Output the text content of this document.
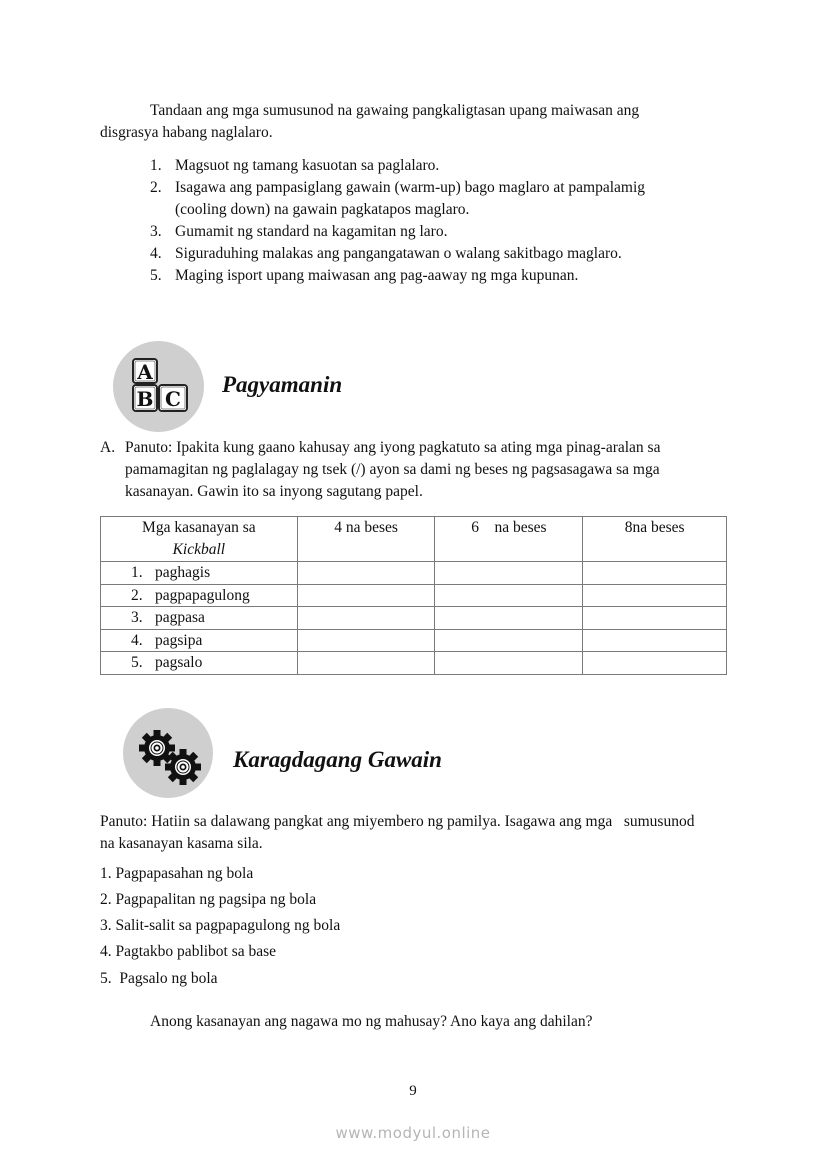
Tandaan ang mga sumusunod na gawaing pangkaligtasan upang maiwasan ang
disgrasya habang naglalaro.
1. Magsuot ng tamang kasuotan sa paglalaro.
2. Isagawa ang pampasiglang gawain (warm-up) bago maglaro at pampalamig
(cooling down) na gawain pagkatapos maglaro.
3. Gumamit ng standard na kagamitan ng laro.
4. Siguraduhing malakas ang pangangatawan o walang sakitbago maglaro.
5. Maging isport upang maiwasan ang pag-aaway ng mga kupunan.
A
B C
Pagyamanin
A. Panuto: Ipakita kung gaano kahusay ang iyong pagkatuto sa ating mga pinag-aralan sa
pamamagitan ng paglalagay ng tsek (/) ayon sa dami ng beses ng pagsasagawa sa mga
kasanayan. Gawin ito sa inyong sagutang papel.
Mga kasanayan sa
Kickball	4 na beses	6    na beses	8na beses
1. paghagis			
2. pagpapagulong			
3. pagpasa			
4. pagsipa			
5. pagsalo			
Karagdagang Gawain
Panuto: Hatiin sa dalawang pangkat ang miyembero ng pamilya. Isagawa ang mga   sumusunod
na kasanayan kasama sila.
1. Pagpapasahan ng bola
2. Pagpapalitan ng pagsipa ng bola
3. Salit-salit sa pagpapagulong ng bola
4. Pagtakbo pablibot sa base
5.  Pagsalo ng bola
Anong kasanayan ang nagawa mo ng mahusay? Ano kaya ang dahilan?
9
www.modyul.online
